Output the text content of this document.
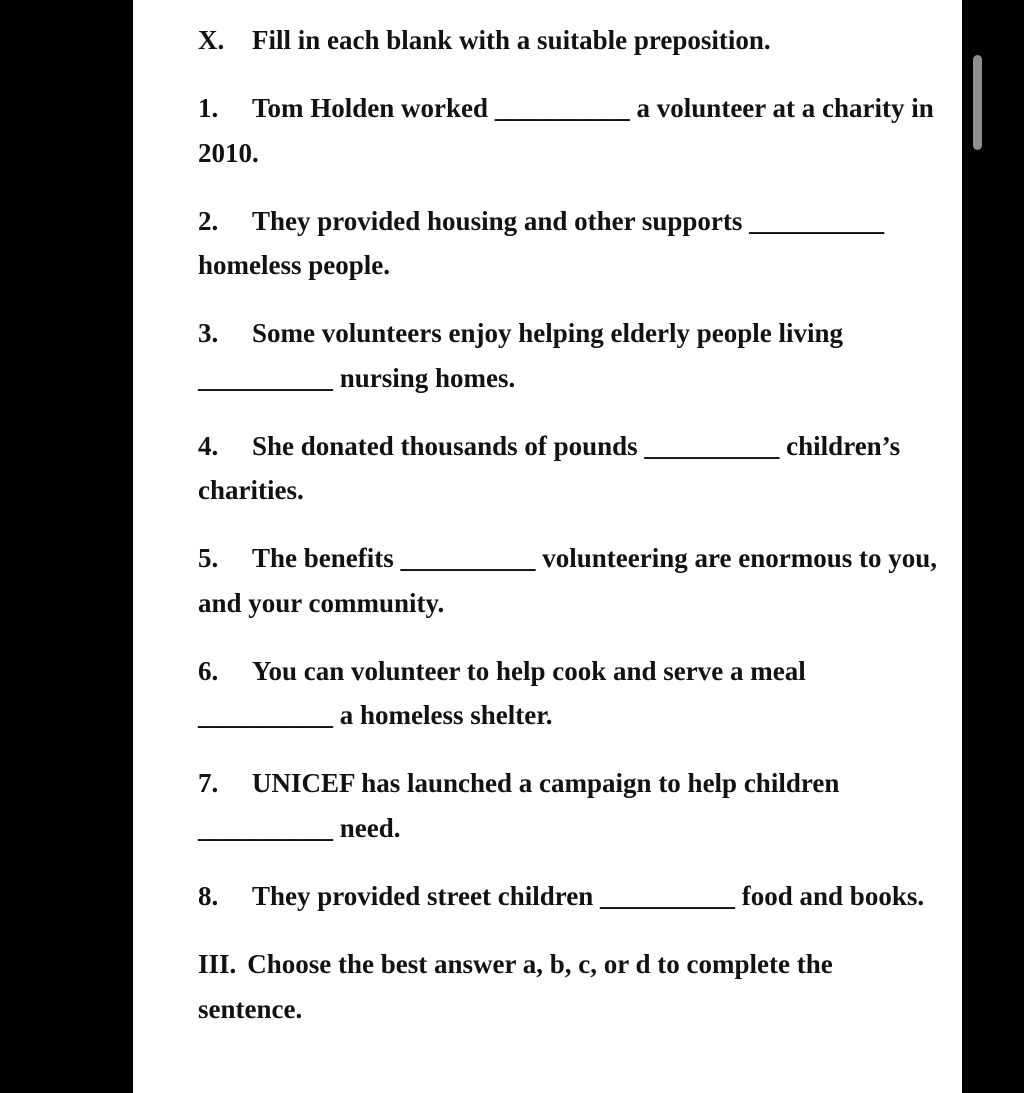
X. Fill in each blank with a suitable preposition.

1. Tom Holden worked __________ a volunteer at a charity in 2010.

2. They provided housing and other supports __________ homeless people.

3. Some volunteers enjoy helping elderly people living __________ nursing homes.

4. She donated thousands of pounds __________ children’s charities.

5. The benefits __________ volunteering are enormous to you, and your community.

6. You can volunteer to help cook and serve a meal __________ a homeless shelter.

7. UNICEF has launched a campaign to help children __________ need.

8. They provided street children __________ food and books.

III. Choose the best answer a, b, c, or d to complete the sentence.
